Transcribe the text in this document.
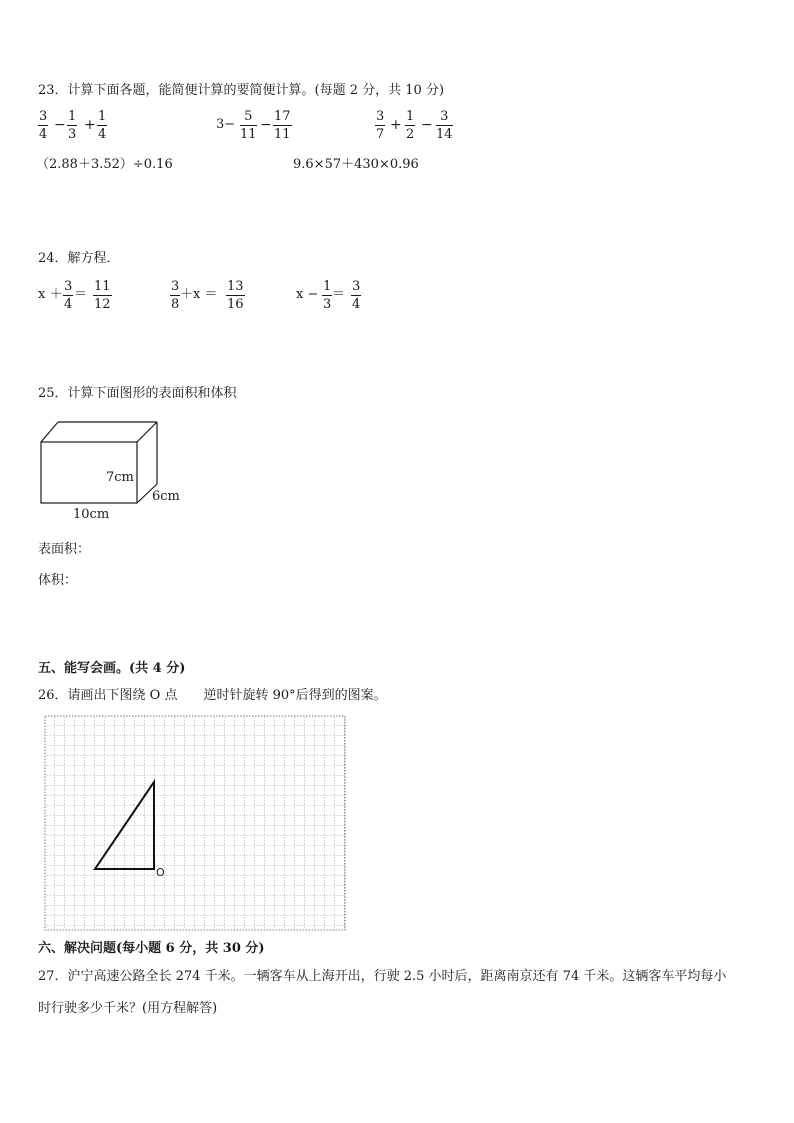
23．计算下面各题，能简便计算的要简便计算。(每题 2 分，共 10 分)
3
4
−
1
3
+
1
4
3−
5
11
−
17
11
3
7
+
1
2
−
3
14
（2.88＋3.52）÷0.16	9.6×57＋430×0.96
24．解方程．
x ＋
3
4
＝
11
12
3
8
＋x ＝
13
16
x −
1
3
＝
3
4
25．计算下面图形的表面积和体积
7cm
6cm
10cm
表面积：
体积：
五、能写会画。(共 4 分)
26．请画出下图绕 O 点　　逆时针旋转 90°后得到的图案。
O
六、解决问题(每小题 6 分，共 30 分)
27．沪宁高速公路全长 274 千米。一辆客车从上海开出，行驶 2.5 小时后，距离南京还有 74 千米。这辆客车平均每小
时行驶多少千米？(用方程解答)
